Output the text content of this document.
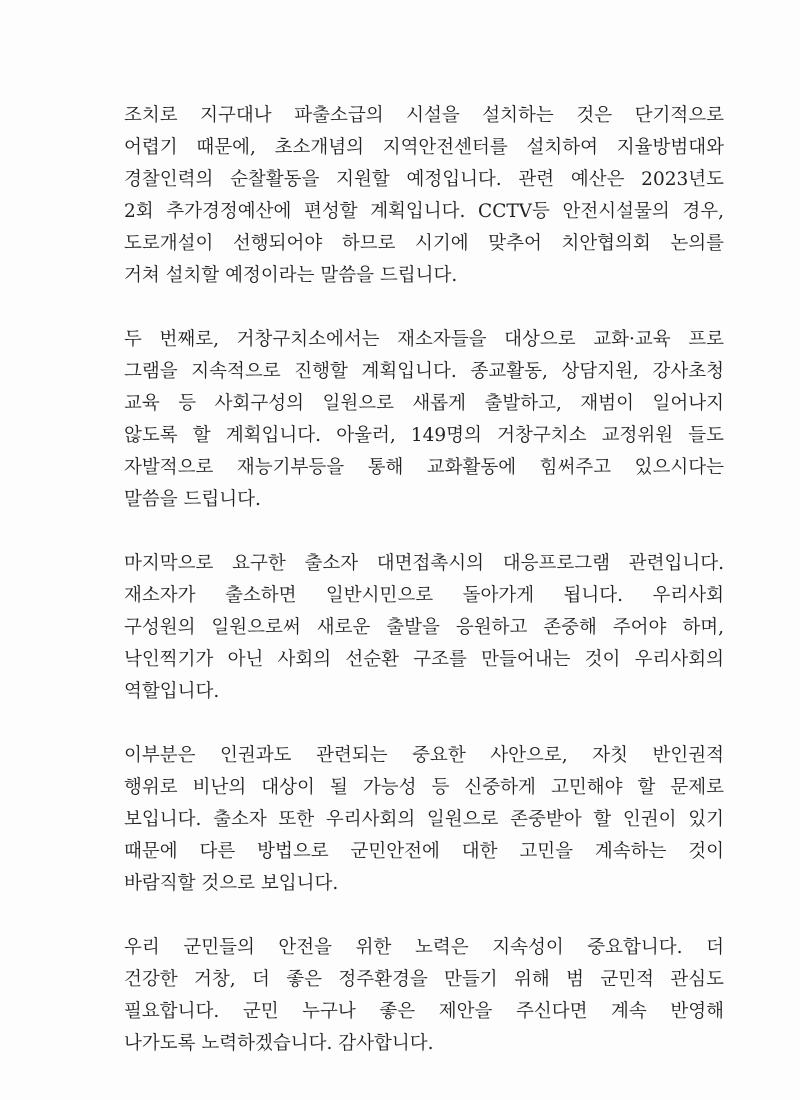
조치로 지구대나 파출소급의 시설을 설치하는 것은 단기적으로
어렵기 때문에, 초소개념의 지역안전센터를 설치하여 지율방범대와
경찰인력의 순찰활동을 지원할 예정입니다. 관련 예산은 2023년도
2회 추가경정예산에 편성할 계획입니다. CCTV등 안전시설물의 경우,
도로개설이 선행되어야 하므로 시기에 맞추어 치안협의회 논의를
거쳐 설치할 예정이라는 말씀을 드립니다.

두 번째로, 거창구치소에서는 재소자들을 대상으로 교화·교육 프로
그램을 지속적으로 진행할 계획입니다. 종교활동, 상담지원, 강사초청
교육 등 사회구성의 일원으로 새롭게 출발하고, 재범이 일어나지
않도록 할 계획입니다. 아울러, 149명의 거창구치소 교정위원 들도
자발적으로 재능기부등을 통해 교화활동에 힘써주고 있으시다는
말씀을 드립니다.

마지막으로 요구한 출소자 대면접촉시의 대응프로그램 관련입니다.
재소자가 출소하면 일반시민으로 돌아가게 됩니다. 우리사회
구성원의 일원으로써 새로운 출발을 응원하고 존중해 주어야 하며,
낙인찍기가 아닌 사회의 선순환 구조를 만들어내는 것이 우리사회의
역할입니다.

이부분은 인권과도 관련되는 중요한 사안으로, 자칫 반인권적
행위로 비난의 대상이 될 가능성 등 신중하게 고민해야 할 문제로
보입니다. 출소자 또한 우리사회의 일원으로 존중받아 할 인권이 있기
때문에 다른 방법으로 군민안전에 대한 고민을 계속하는 것이
바람직할 것으로 보입니다.

우리 군민들의 안전을 위한 노력은 지속성이 중요합니다. 더
건강한 거창, 더 좋은 정주환경을 만들기 위해 범 군민적 관심도
필요합니다. 군민 누구나 좋은 제안을 주신다면 계속 반영해
나가도록 노력하겠습니다. 감사합니다.
